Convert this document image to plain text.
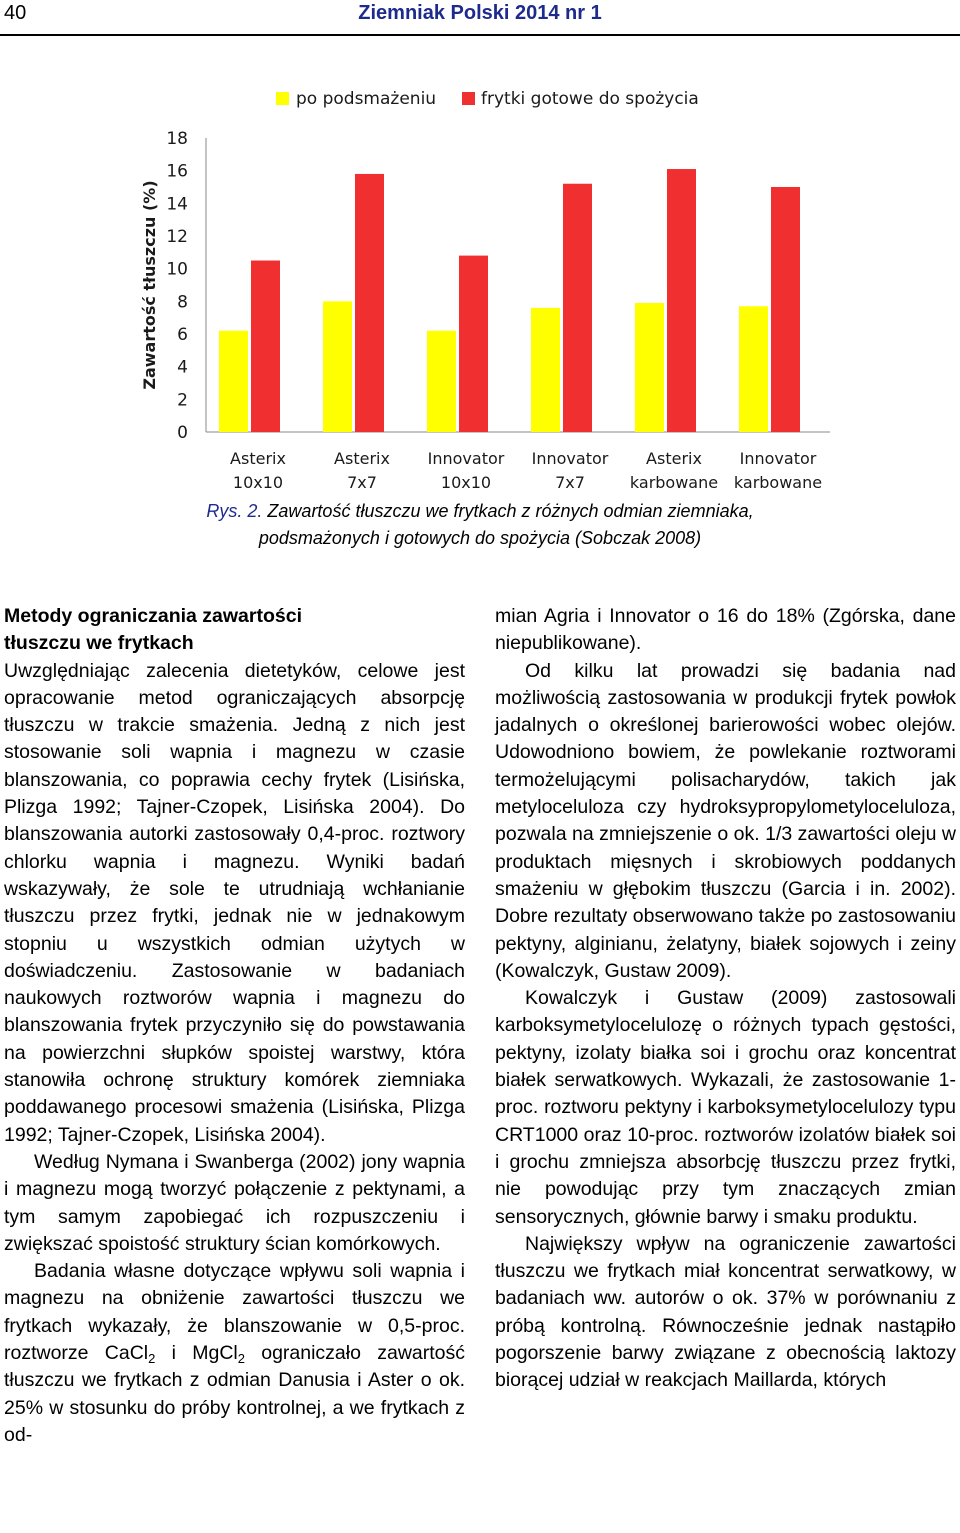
40	Ziemniak Polski 2014 nr 1
po podsmażeniu	frytki gotowe do spożycia
Zawartość tłuszczu (%)
0
2
4
6
8
10
12
14
16
18
Asterix
10x10
Asterix
7x7
Innovator
10x10
Innovator
7x7
Asterix
karbowane
Innovator
karbowane
Rys. 2. Zawartość tłuszczu we frytkach z różnych odmian ziemniaka,
podsmażonych i gotowych do spożycia (Sobczak 2008)
Metody ograniczania zawartości
tłuszczu we frytkach

Uwzględniając zalecenia dietetyków, celowe jest opracowanie metod ograniczających absorpcję tłuszczu w trakcie smażenia. Jedną z nich jest stosowanie soli wapnia i magnezu w czasie blanszowania, co poprawia cechy frytek (Lisińska, Plizga 1992; Tajner-Czopek, Lisińska 2004). Do blanszowania autorki zastosowały 0,4-proc. roztwory chlorku wapnia i magnezu. Wyniki badań wskazywały, że sole te utrudniają wchłanianie tłuszczu przez frytki, jednak nie w jednakowym stopniu u wszystkich odmian użytych w doświadczeniu. Zastosowanie w badaniach naukowych roztworów wapnia i magnezu do blanszowania frytek przyczyniło się do powstawania na powierzchni słupków spoistej warstwy, która stanowiła ochronę struktury komórek ziemniaka poddawanego procesowi smażenia (Lisińska, Plizga 1992; Tajner-Czopek, Lisińska 2004).

Według Nymana i Swanberga (2002) jony wapnia i magnezu mogą tworzyć połączenie z pektynami, a tym samym zapobiegać ich rozpuszczeniu i zwiększać spoistość struktury ścian komórkowych.

Badania własne dotyczące wpływu soli wapnia i magnezu na obniżenie zawartości tłuszczu we frytkach wykazały, że blanszowanie w 0,5-proc. roztworze CaCl$_2$ i MgCl$_2$ ograniczało zawartość tłuszczu we frytkach z odmian Danusia i Aster o ok. 25% w stosunku do próby kontrolnej, a we frytkach z od-

mian Agria i Innovator o 16 do 18% (Zgórska, dane niepublikowane).

Od kilku lat prowadzi się badania nad możliwością zastosowania w produkcji frytek powłok jadalnych o określonej barierowości wobec olejów. Udowodniono bowiem, że powlekanie roztworami termożelującymi polisacharydów, takich jak metyloceluloza czy hydroksypropylometyloceluloza, pozwala na zmniejszenie o ok. 1/3 zawartości oleju w produktach mięsnych i skrobiowych poddanych smażeniu w głębokim tłuszczu (Garcia i in. 2002). Dobre rezultaty obserwowano także po zastosowaniu pektyny, alginianu, żelatyny, białek sojowych i zeiny (Kowalczyk, Gustaw 2009).

Kowalczyk i Gustaw (2009) zastosowali karboksymetylocelulozę o różnych typach gęstości, pektyny, izolaty białka soi i grochu oraz koncentrat białek serwatkowych. Wykazali, że zastosowanie 1-proc. roztworu pektyny i karboksymetylocelulozy typu CRT1000 oraz 10-proc. roztworów izolatów białek soi i grochu zmniejsza absorbcję tłuszczu przez frytki, nie powodując przy tym znaczących zmian sensorycznych, głównie barwy i smaku produktu.

Największy wpływ na ograniczenie zawartości tłuszczu we frytkach miał koncentrat serwatkowy, w badaniach ww. autorów o ok. 37% w porównaniu z próbą kontrolną. Równocześnie jednak nastąpiło pogorszenie barwy związane z obecnością laktozy biorącej udział w reakcjach Maillarda, których
